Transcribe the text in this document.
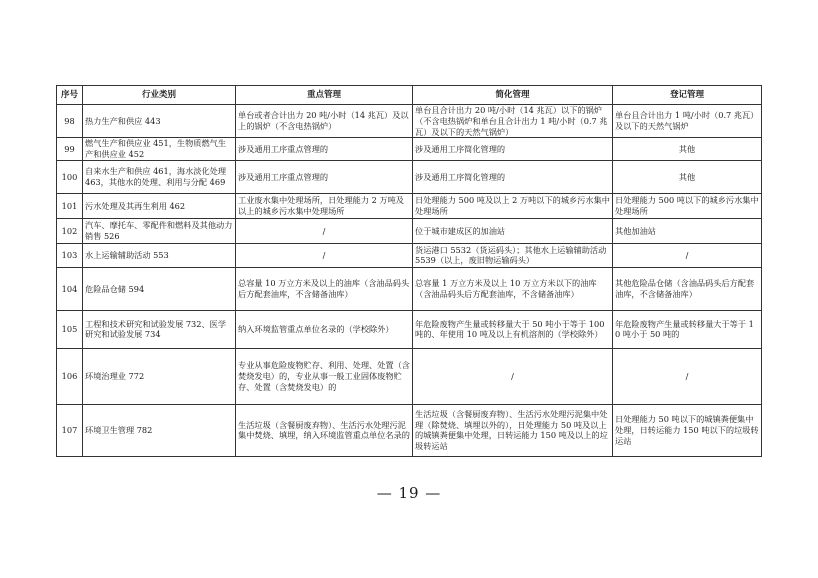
序号	行业类别	重点管理	简化管理	登记管理
98	热力生产和供应 443	单台或者合计出力 20 吨/小时（14 兆瓦）及以上的锅炉（不含电热锅炉）	单台且合计出力 20 吨/小时（14 兆瓦）以下的锅炉（不含电热锅炉和单台且合计出力 1 吨/小时（0.7 兆瓦）及以下的天然气锅炉）	单台且合计出力 1 吨/小时（0.7 兆瓦）及以下的天然气锅炉
99	燃气生产和供应业 451，生物质燃气生产和供应业 452	涉及通用工序重点管理的	涉及通用工序简化管理的	其他
100	自来水生产和供应 461，海水淡化处理 463，其他水的处理、利用与分配 469	涉及通用工序重点管理的	涉及通用工序简化管理的	其他
101	污水处理及其再生利用 462	工业废水集中处理场所，日处理能力 2 万吨及以上的城乡污水集中处理场所	日处理能力 500 吨及以上 2 万吨以下的城乡污水集中处理场所	日处理能力 500 吨以下的城乡污水集中处理场所
102	汽车、摩托车、零配件和燃料及其他动力销售 526	/	位于城市建成区的加油站	其他加油站
103	水上运输辅助活动 553	/	货运港口 5532（货运码头）；其他水上运输辅助活动 5539（以上，废旧物运输码头）	/
104	危险品仓储 594	总容量 10 万立方米及以上的油库（含油品码头后方配套油库，不含储备油库）	总容量 1 万立方米及以上 10 万立方米以下的油库（含油品码头后方配套油库，不含储备油库）	其他危险品仓储（含油品码头后方配套油库，不含储备油库）
105	工程和技术研究和试验发展 732、医学研究和试验发展 734	纳入环境监管重点单位名录的（学校除外）	年危险废物产生量或转移量大于 50 吨小于等于 100 吨的、年使用 10 吨及以上有机溶剂的（学校除外）	年危险废物产生量或转移量大于等于 10 吨小于 50 吨的
106	环境治理业 772	专业从事危险废物贮存、利用、处理、处置（含焚烧发电）的，专业从事一般工业固体废物贮存、处置（含焚烧发电）的	/	/
107	环境卫生管理 782	生活垃圾（含餐厨废弃物）、生活污水处理污泥集中焚烧、填埋，纳入环境监管重点单位名录的	生活垃圾（含餐厨废弃物）、生活污水处理污泥集中处理（除焚烧、填埋以外的），日处理能力 50 吨及以上的城镇粪便集中处理，日转运能力 150 吨及以上的垃圾转运站	日处理能力 50 吨以下的城镇粪便集中处理，日转运能力 150 吨以下的垃圾转运站
— 19 —
